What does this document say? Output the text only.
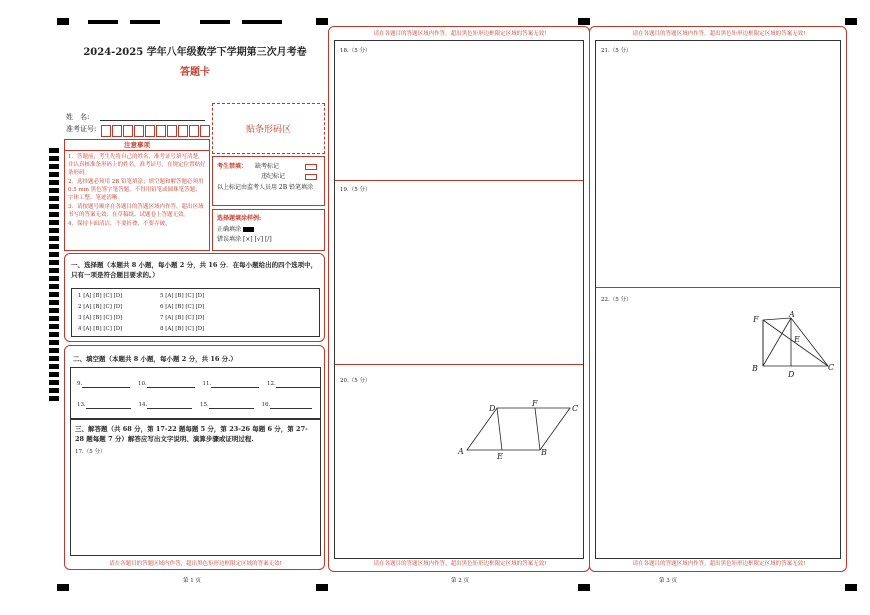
2024-2025 学年八年级数学下学期第三次月考卷
答题卡
姓　名:
准考证号:	贴条形码区
注意事项
1．答题前，考生先将自己的姓名，准考证号填写清楚，并认真核准条形码上的姓名，准考证号，在规定位置贴好条形码。
2．选择题必须用 2B 铅笔填涂；填空题和解答题必须用 0.5 mm 黑色签字笔答题，不得用铅笔或圆珠笔答题；字体工整、笔迹清晰。
3．请按题号顺序在各题目的答题区域内作答，超出区域书写的答案无效；在草稿纸、试题卷上答题无效。
4．保持卡面清洁，不要折叠、不要弄破。
考生禁填： 缺考标记
违纪标记
以上标记由监考人员用 2B 铅笔填涂
选择题填涂样例:
正确填涂
错误填涂 [×] [√] [/]
一、选择题（本题共 8 小题，每小题 2 分，共 16 分．在每小题给出的四个选项中，只有一项是符合题目要求的。）
1 [A] [B] [C] [D]
2 [A] [B] [C] [D]
3 [A] [B] [C] [D]
4 [A] [B] [C] [D]
5 [A] [B] [C] [D]
6 [A] [B] [C] [D]
7 [A] [B] [C] [D]
8 [A] [B] [C] [D]
二、填空题（本题共 8 小题，每小题 2 分，共 16 分.）
9.	10.	11.	12.
13.	14.	15.	16.
三、解答题（共 68 分，第 17-22 题每题 5 分，第 23-26 每题 6 分，第 27-28 题每题 7 分）解答应写出文字说明、演算步骤或证明过程.
17.（5 分）
请在各题目的答题区域内作答，超出黑色矩形边框限定区域的答案无效!
第 1 页
请在各题目的答题区域内作答，超出黑色矩形边框限定区域的答案无效!
18.（5 分）
19.（5 分）
20.（5 分）
请在各题目的答题区域内作答，超出黑色矩形边框限定区域的答案无效!
D
F
C
A
E	B
第 2 页
请在各题目的答题区域内作答，超出黑色矩形边框限定区域的答案无效!
21.（5 分）
22.（5 分）
请在各题目的答题区域内作答，超出黑色矩形边框限定区域的答案无效!
F
A
E
B
D
C
第 3 页
